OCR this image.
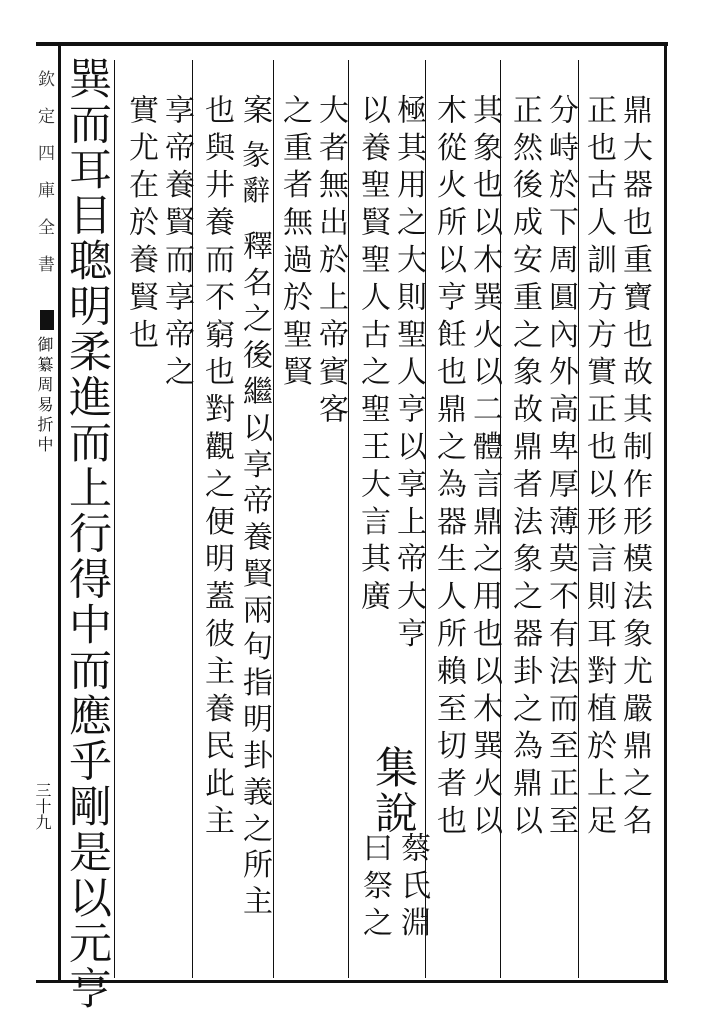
欽定四庫全書
御纂周易折中
三十九	鼎大器也重寶也故其制作形模法象尤嚴鼎之名
正也古人訓方方實正也以形言則耳對植於上足
分峙於下周圓內外高卑厚薄莫不有法而至正至
正然後成安重之象故鼎者法象之器卦之為鼎以
其象也以木巽火以二體言鼎之用也以木巽火以
木從火所以亨飪也鼎之為器生人所賴至切者也
極其用之大則聖人亨以享上帝大亨
集說
蔡氏淵
以養聖賢聖人古之聖王大言其廣
曰祭之
大者無出於上帝賓客
之重者無過於聖賢
案
彖辭
釋名之後繼以享帝養賢兩句指明卦義之所主
也與井養而不窮也對觀之便明蓋彼主養民此主
享帝養賢而享帝之
實尤在於養賢也
巽而耳目聰明柔進而上行得中而應乎剛是以元亨
